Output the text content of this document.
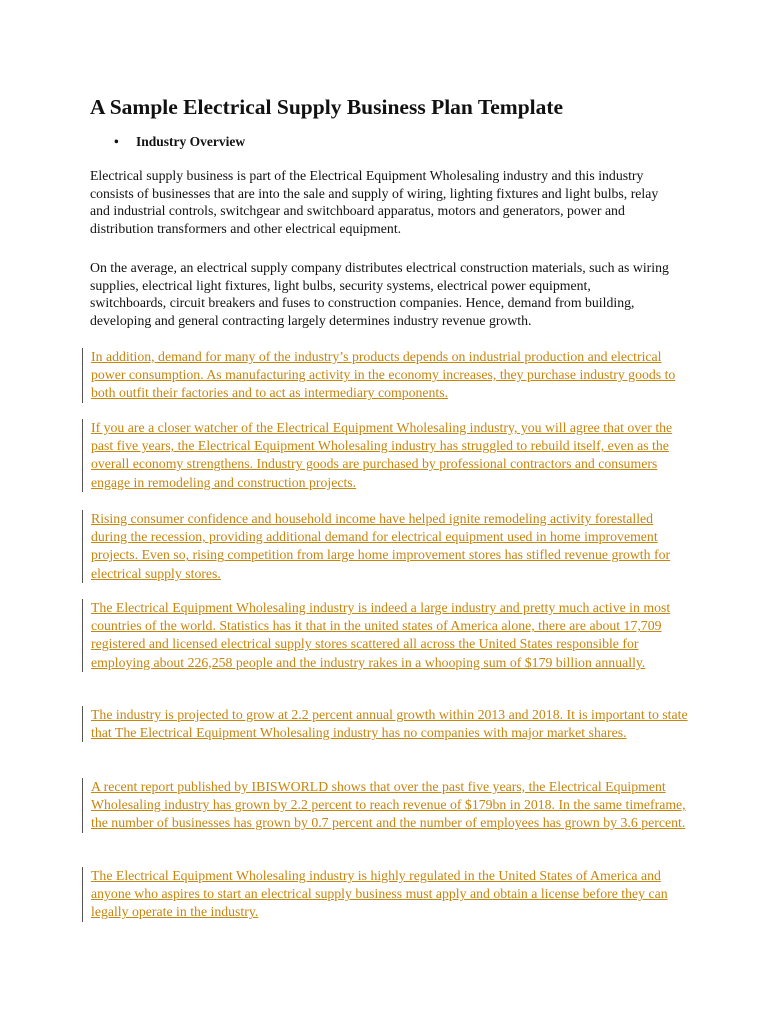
A Sample Electrical Supply Business Plan Template
• Industry Overview

Electrical supply business is part of the Electrical Equipment Wholesaling industry and this industry consists of businesses that are into the sale and supply of wiring, lighting fixtures and light bulbs, relay and industrial controls, switchgear and switchboard apparatus, motors and generators, power and distribution transformers and other electrical equipment.

On the average, an electrical supply company distributes electrical construction materials, such as wiring supplies, electrical light fixtures, light bulbs, security systems, electrical power equipment, switchboards, circuit breakers and fuses to construction companies. Hence, demand from building, developing and general contracting largely determines industry revenue growth.

In addition, demand for many of the industry’s products depends on industrial production and electrical power consumption. As manufacturing activity in the economy increases, they purchase industry goods to both outfit their factories and to act as intermediary components.

If you are a closer watcher of the Electrical Equipment Wholesaling industry, you will agree that over the past five years, the Electrical Equipment Wholesaling industry has struggled to rebuild itself, even as the overall economy strengthens. Industry goods are purchased by professional contractors and consumers engage in remodeling and construction projects.

Rising consumer confidence and household income have helped ignite remodeling activity forestalled during the recession, providing additional demand for electrical equipment used in home improvement projects. Even so, rising competition from large home improvement stores has stifled revenue growth for electrical supply stores.

The Electrical Equipment Wholesaling industry is indeed a large industry and pretty much active in most countries of the world. Statistics has it that in the united states of America alone, there are about 17,709 registered and licensed electrical supply stores scattered all across the United States responsible for employing about 226,258 people and the industry rakes in a whooping sum of $179 billion annually.

The industry is projected to grow at 2.2 percent annual growth within 2013 and 2018. It is important to state that The Electrical Equipment Wholesaling industry has no companies with major market shares.

A recent report published by IBISWORLD shows that over the past five years, the Electrical Equipment Wholesaling industry has grown by 2.2 percent to reach revenue of $179bn in 2018. In the same timeframe, the number of businesses has grown by 0.7 percent and the number of employees has grown by 3.6 percent.

The Electrical Equipment Wholesaling industry is highly regulated in the United States of America and anyone who aspires to start an electrical supply business must apply and obtain a license before they can legally operate in the industry.
